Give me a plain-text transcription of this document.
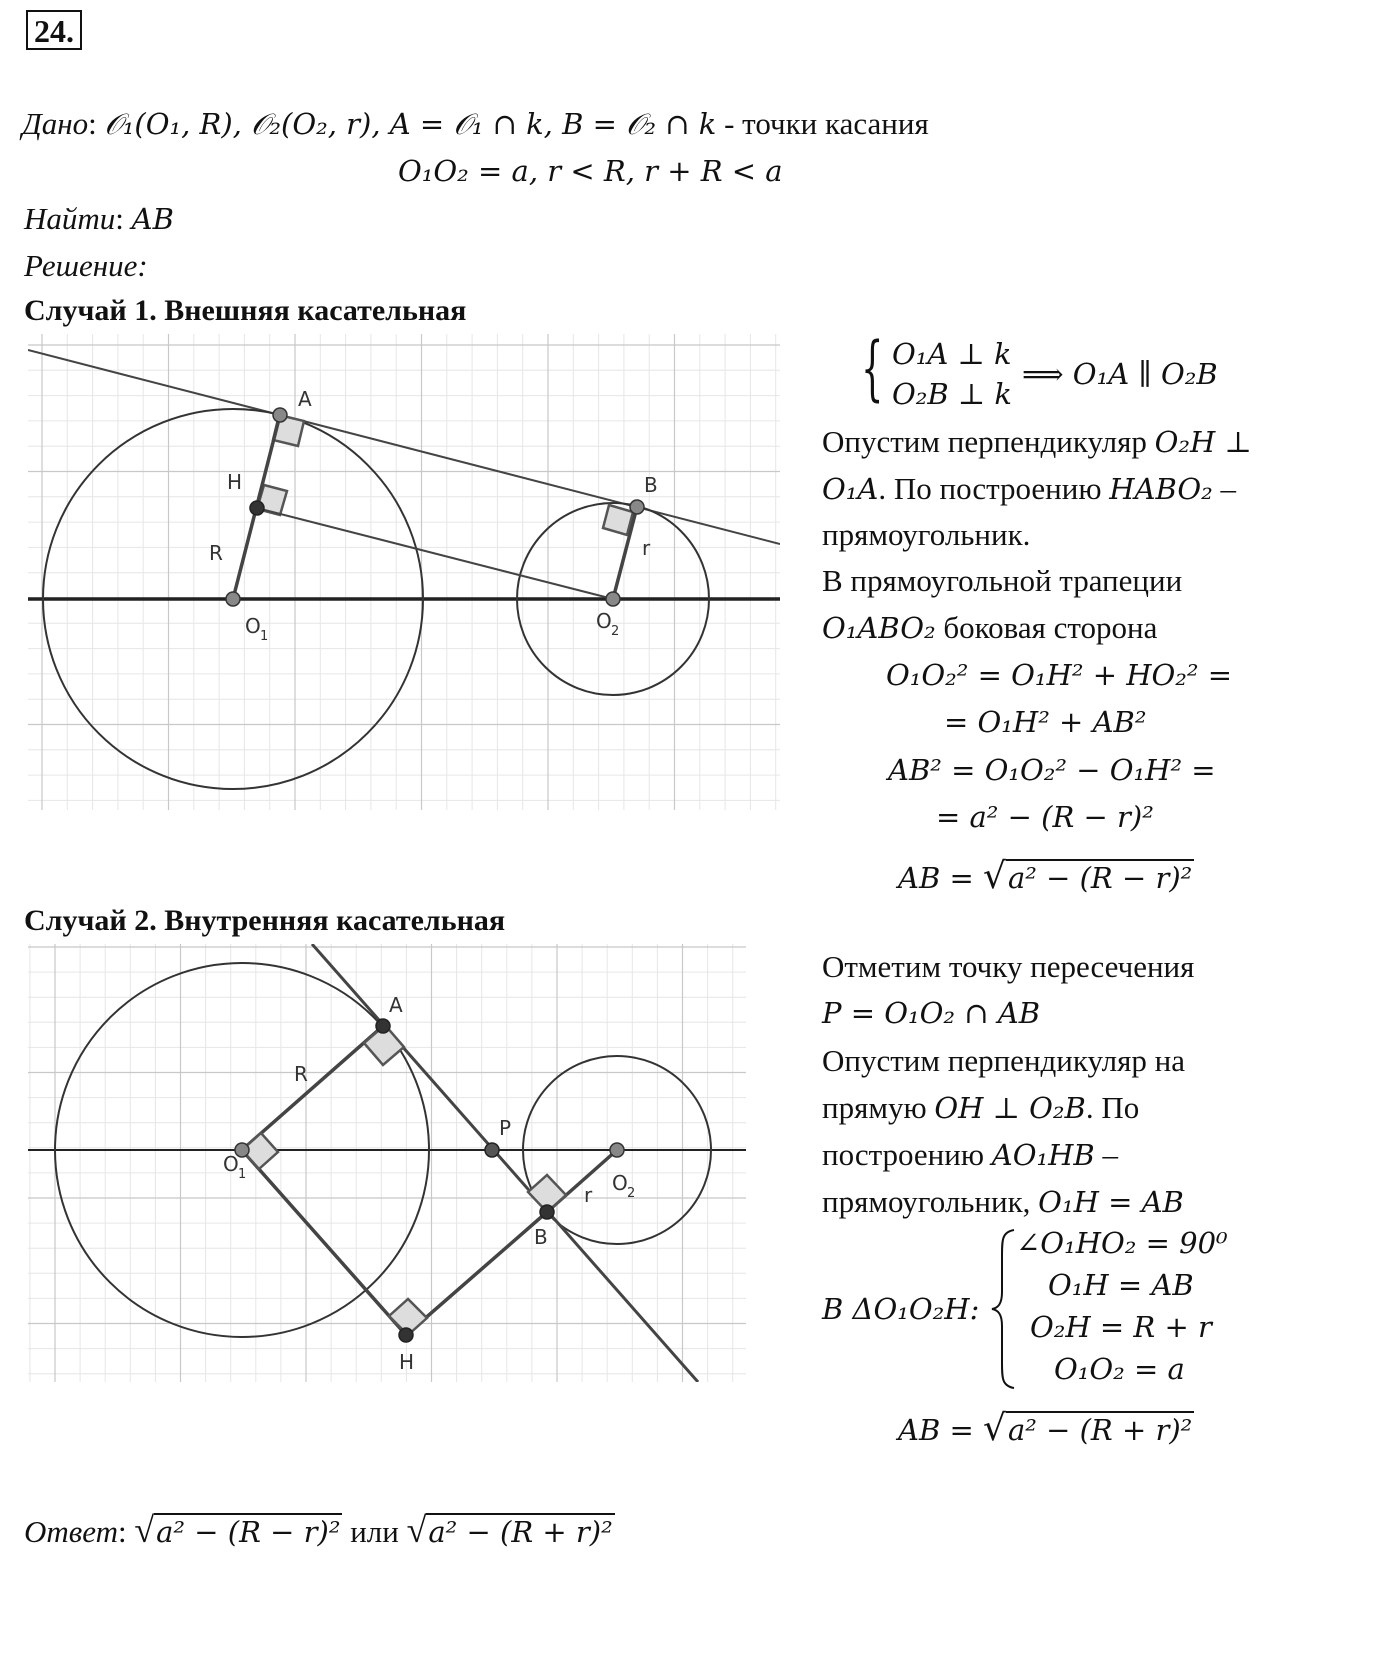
24.
Дано: 𝒪₁(O₁, R), 𝒪₂(O₂, r), A = 𝒪₁ ∩ k, B = 𝒪₂ ∩ k - точки касания
O₁O₂ = a, r < R, r + R < a
Найти: AB
Решение:
Случай 1. Внешняя касательная
A
B
H
R	r
O 1
O 2
{ O₁A ⊥ k
O₂B ⊥ k
⟹ O₁A ∥ O₂B
Опустим перпендикуляр O₂H ⊥
O₁A. По построению HABO₂ –
прямоугольник.
В прямоугольной трапеции
O₁ABO₂ боковая сторона
O₁O₂² = O₁H² + HO₂² =
= O₁H² + AB²
AB² = O₁O₂² − O₁H² =
= a² − (R − r)²
AB = √a² − (R − r)²
Случай 2. Внутренняя касательная
A
R
P
O 1
r O 2
B
H
Отметим точку пересечения
P = O₁O₂ ∩ AB
Опустим перпендикуляр на
прямую OH ⊥ O₂B. По
построению AO₁HB –
прямоугольник, O₁H = AB
В ΔO₁O₂H:
∠O₁HO₂ = 90⁰
O₁H = AB
O₂H = R + r
O₁O₂ = a
AB = √a² − (R + r)²
Ответ: √a² − (R − r)² или √a² − (R + r)²
